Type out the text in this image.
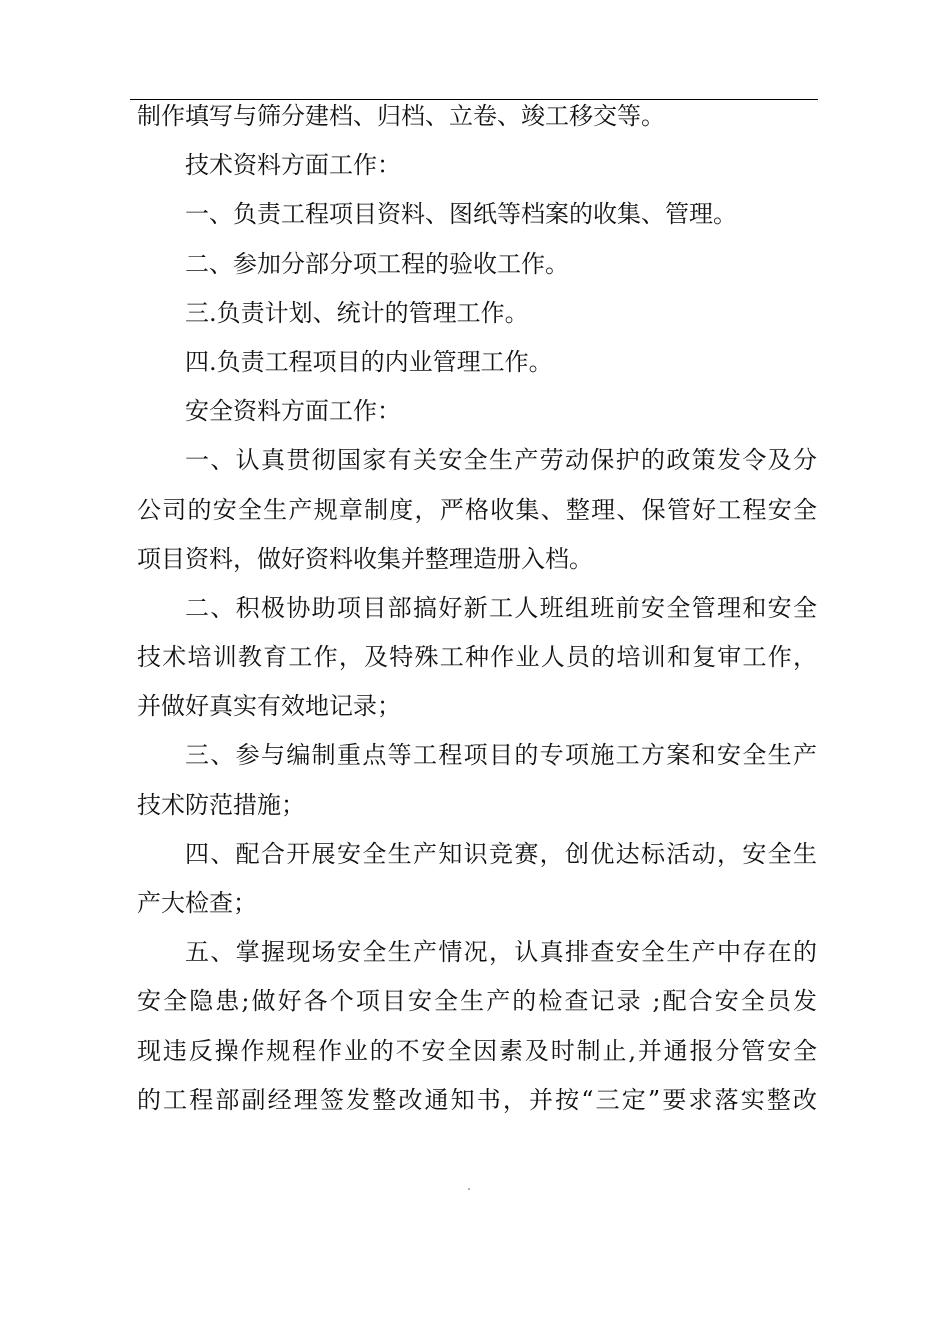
制作填写与筛分建档、归档、立卷、竣工移交等。
技术资料方面工作：
一、负责工程项目资料、图纸等档案的收集、管理。
二、参加分部分项工程的验收工作。
三.负责计划、统计的管理工作。
四.负责工程项目的内业管理工作。
安全资料方面工作：
一、认真贯彻国家有关安全生产劳动保护的政策发令及分
公司的安全生产规章制度，严格收集、整理、保管好工程安全
项目资料，做好资料收集并整理造册入档。
二、积极协助项目部搞好新工人班组班前安全管理和安全
技术培训教育工作，及特殊工种作业人员的培训和复审工作，
并做好真实有效地记录；
三、参与编制重点等工程项目的专项施工方案和安全生产
技术防范措施；
四、配合开展安全生产知识竞赛，创优达标活动，安全生
产大检查；
五、掌握现场安全生产情况，认真排查安全生产中存在的
安全隐患;做好各个项目安全生产的检查记录 ;配合安全员发
现违反操作规程作业的不安全因素及时制止,并通报分管安全
的工程部副经理签发整改通知书，并按“三定”要求落实整改
